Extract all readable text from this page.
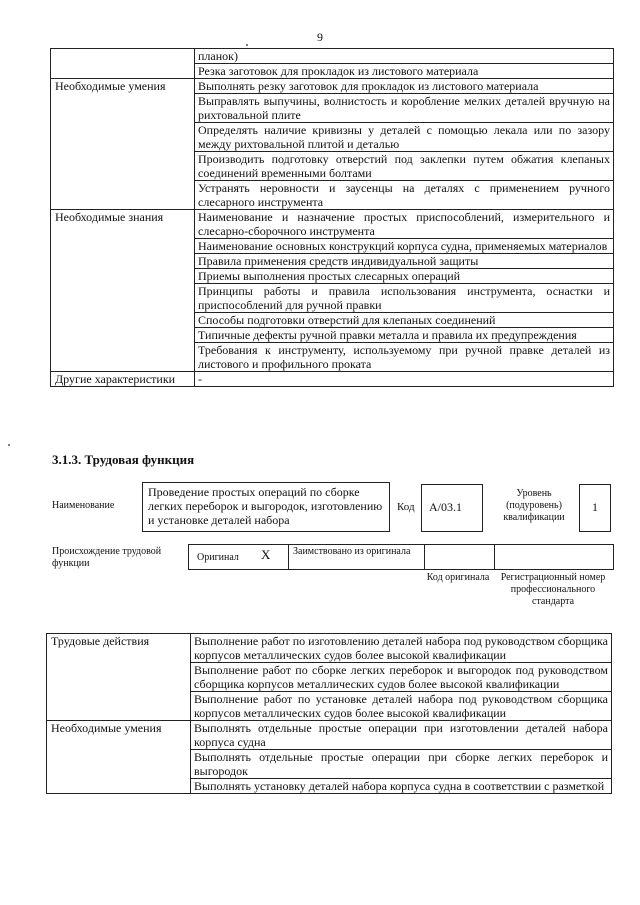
9
	планок)
	Резка заготовок для прокладок из листового материала
Необходимые умения	Выполнять резку заготовок для прокладок из листового материала
	Выправлять выпучины, волнистость и коробление мелких деталей вручную на рихтовальной плите
	Определять наличие кривизны у деталей с помощью лекала или по зазору между рихтовальной плитой и деталью
	Производить подготовку отверстий под заклепки путем обжатия клепаных соединений временными болтами
	Устранять неровности и заусенцы на деталях с применением ручного слесарного инструмента
Необходимые знания	Наименование и назначение простых приспособлений, измерительного и слесарно-сборочного инструмента
	Наименование основных конструкций корпуса судна, применяемых материалов
	Правила применения средств индивидуальной защиты
	Приемы выполнения простых слесарных операций
	Принципы работы и правила использования инструмента, оснастки и приспособлений для ручной правки
	Способы подготовки отверстий для клепаных соединений
	Типичные дефекты ручной правки металла и правила их предупреждения
	Требования к инструменту, используемому при ручной правке деталей из листового и профильного проката
Другие характеристики	-
3.1.3. Трудовая функция
Наименование
Проведение простых операций по сборке легких переборок и выгородок, изготовлению и установке деталей набора
Код	A/03.1
Уровень (подуровень) квалификации
1
Происхождение трудовой функции
Оригинал X	Заимствовано из оригинала
Код оригинала Регистрационный номер профессионального стандарта
Трудовые действия	Выполнение работ по изготовлению деталей набора под руководством сборщика корпусов металлических судов более высокой квалификации
	Выполнение работ по сборке легких переборок и выгородок под руководством сборщика корпусов металлических судов более высокой квалификации
	Выполнение работ по установке деталей набора под руководством сборщика корпусов металлических судов более высокой квалификации
Необходимые умения	Выполнять отдельные простые операции при изготовлении деталей набора корпуса судна
	Выполнять отдельные простые операции при сборке легких переборок и выгородок
	Выполнять установку деталей набора корпуса судна в соответствии с разметкой
